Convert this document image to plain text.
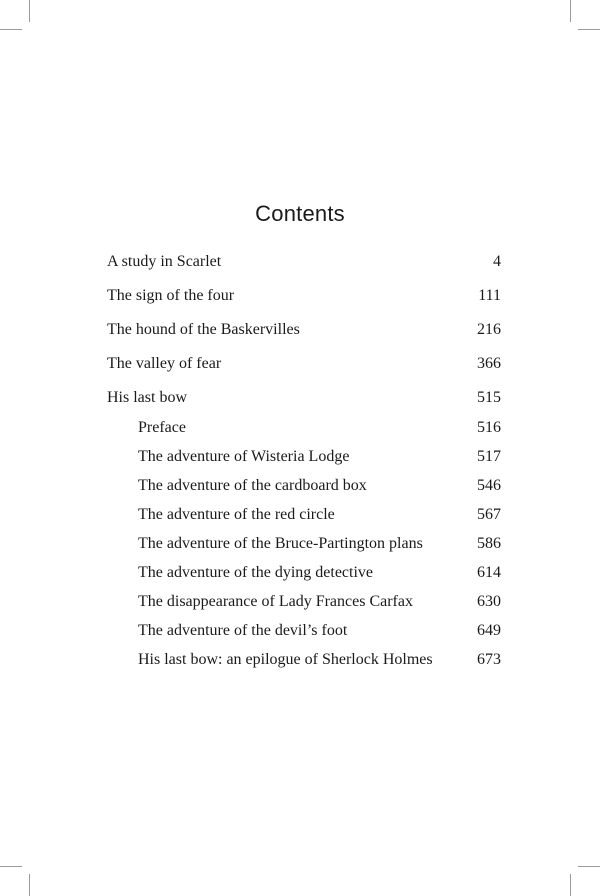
Contents
A study in Scarlet	4
The sign of the four	111
The hound of the Baskervilles	216
The valley of fear	366
His last bow	515
Preface	516
The adventure of Wisteria Lodge	517
The adventure of the cardboard box	546
The adventure of the red circle	567
The adventure of the Bruce-Partington plans	586
The adventure of the dying detective	614
The disappearance of Lady Frances Carfax	630
The adventure of the devil’s foot	649
His last bow: an epilogue of Sherlock Holmes	673
